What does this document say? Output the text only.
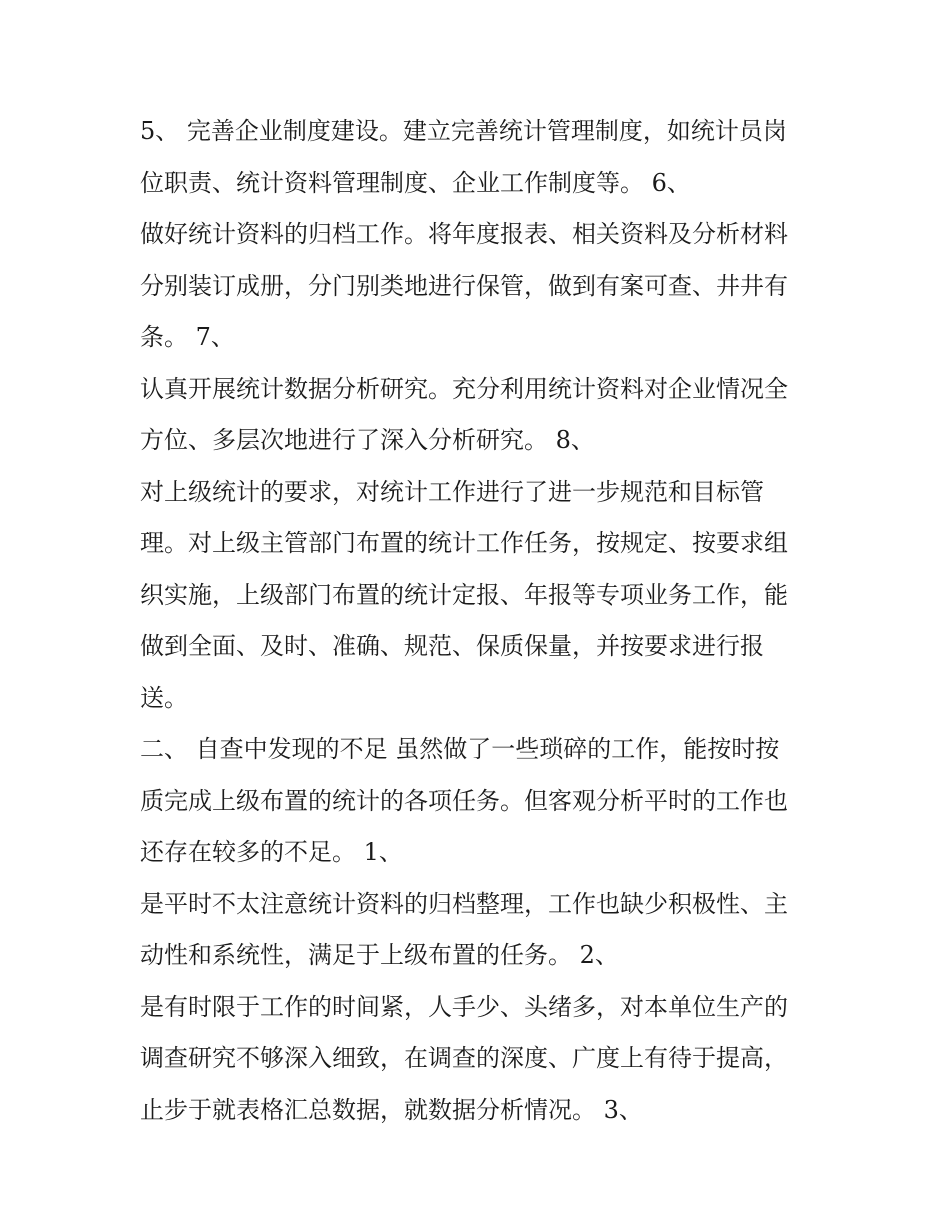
5、 完善企业制度建设。建立完善统计管理制度，如统计员岗
位职责、统计资料管理制度、企业工作制度等。 6、
做好统计资料的归档工作。将年度报表、相关资料及分析材料
分别装订成册，分门别类地进行保管，做到有案可查、井井有
条。 7、
认真开展统计数据分析研究。充分利用统计资料对企业情况全
方位、多层次地进行了深入分析研究。 8、
对上级统计的要求，对统计工作进行了进一步规范和目标管
理。对上级主管部门布置的统计工作任务，按规定、按要求组
织实施，上级部门布置的统计定报、年报等专项业务工作，能
做到全面、及时、准确、规范、保质保量，并按要求进行报
送。
二、 自查中发现的不足 虽然做了一些琐碎的工作，能按时按
质完成上级布置的统计的各项任务。但客观分析平时的工作也
还存在较多的不足。 1、
是平时不太注意统计资料的归档整理，工作也缺少积极性、主
动性和系统性，满足于上级布置的任务。 2、
是有时限于工作的时间紧，人手少、头绪多，对本单位生产的
调查研究不够深入细致，在调查的深度、广度上有待于提高，
止步于就表格汇总数据，就数据分析情况。 3、
